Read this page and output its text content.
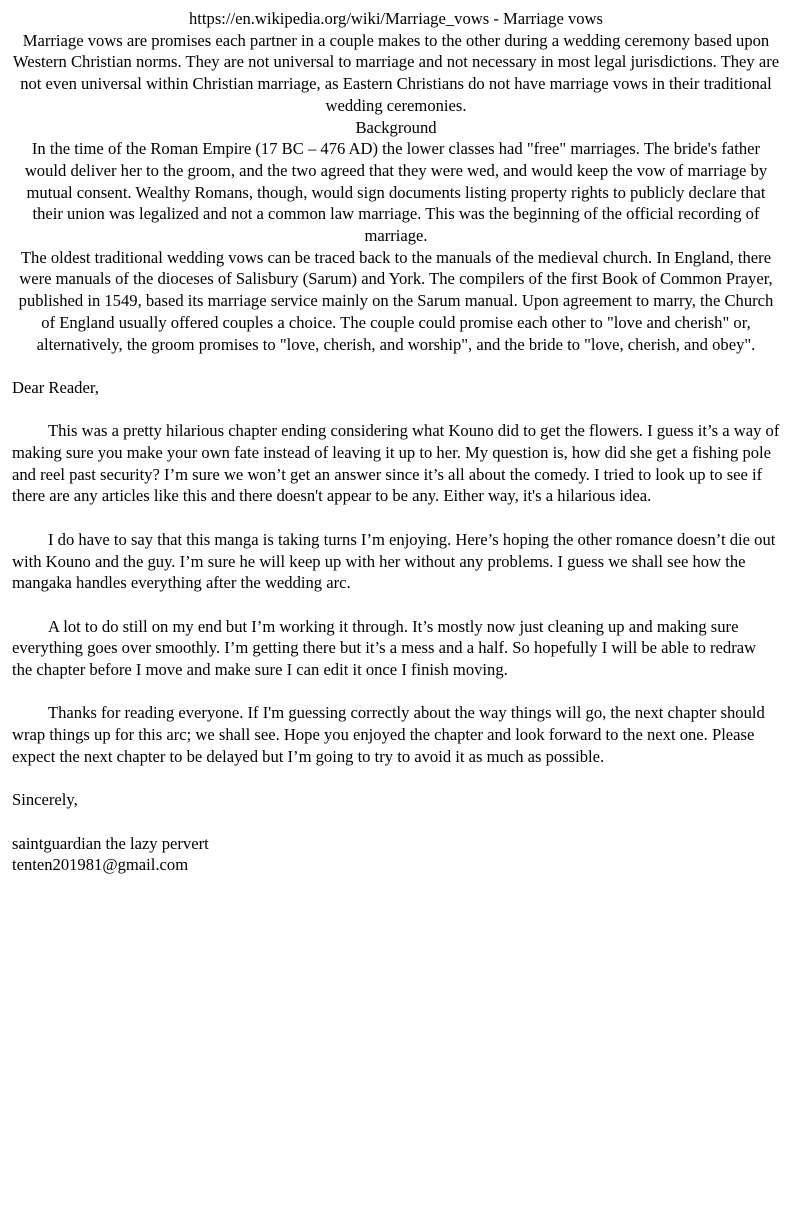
https://en.wikipedia.org/wiki/Marriage_vows - Marriage vows

Marriage vows are promises each partner in a couple makes to the other during a wedding ceremony based upon Western Christian norms. They are not universal to marriage and not necessary in most legal jurisdictions. They are not even universal within Christian marriage, as Eastern Christians do not have marriage vows in their traditional wedding ceremonies.

Background

In the time of the Roman Empire (17 BC – 476 AD) the lower classes had "free" marriages. The bride's father would deliver her to the groom, and the two agreed that they were wed, and would keep the vow of marriage by mutual consent. Wealthy Romans, though, would sign documents listing property rights to publicly declare that their union was legalized and not a common law marriage. This was the beginning of the official recording of marriage.

The oldest traditional wedding vows can be traced back to the manuals of the medieval church. In England, there were manuals of the dioceses of Salisbury (Sarum) and York. The compilers of the first Book of Common Prayer, published in 1549, based its marriage service mainly on the Sarum manual. Upon agreement to marry, the Church of England usually offered couples a choice. The couple could promise each other to "love and cherish" or, alternatively, the groom promises to "love, cherish, and worship", and the bride to "love, cherish, and obey".

Dear Reader,

This was a pretty hilarious chapter ending considering what Kouno did to get the flowers. I guess it’s a way of making sure you make your own fate instead of leaving it up to her. My question is, how did she get a fishing pole and reel past security? I’m sure we won’t get an answer since it’s all about the comedy. I tried to look up to see if there are any articles like this and there doesn't appear to be any. Either way, it's a hilarious idea.

I do have to say that this manga is taking turns I’m enjoying. Here’s hoping the other romance doesn’t die out with Kouno and the guy. I’m sure he will keep up with her without any problems. I guess we shall see how the mangaka handles everything after the wedding arc.

A lot to do still on my end but I’m working it through. It’s mostly now just cleaning up and making sure everything goes over smoothly. I’m getting there but it’s a mess and a half. So hopefully I will be able to redraw the chapter before I move and make sure I can edit it once I finish moving.

Thanks for reading everyone. If I'm guessing correctly about the way things will go, the next chapter should wrap things up for this arc; we shall see. Hope you enjoyed the chapter and look forward to the next one. Please expect the next chapter to be delayed but I’m going to try to avoid it as much as possible.

Sincerely,

saintguardian the lazy pervert

tenten201981@gmail.com
